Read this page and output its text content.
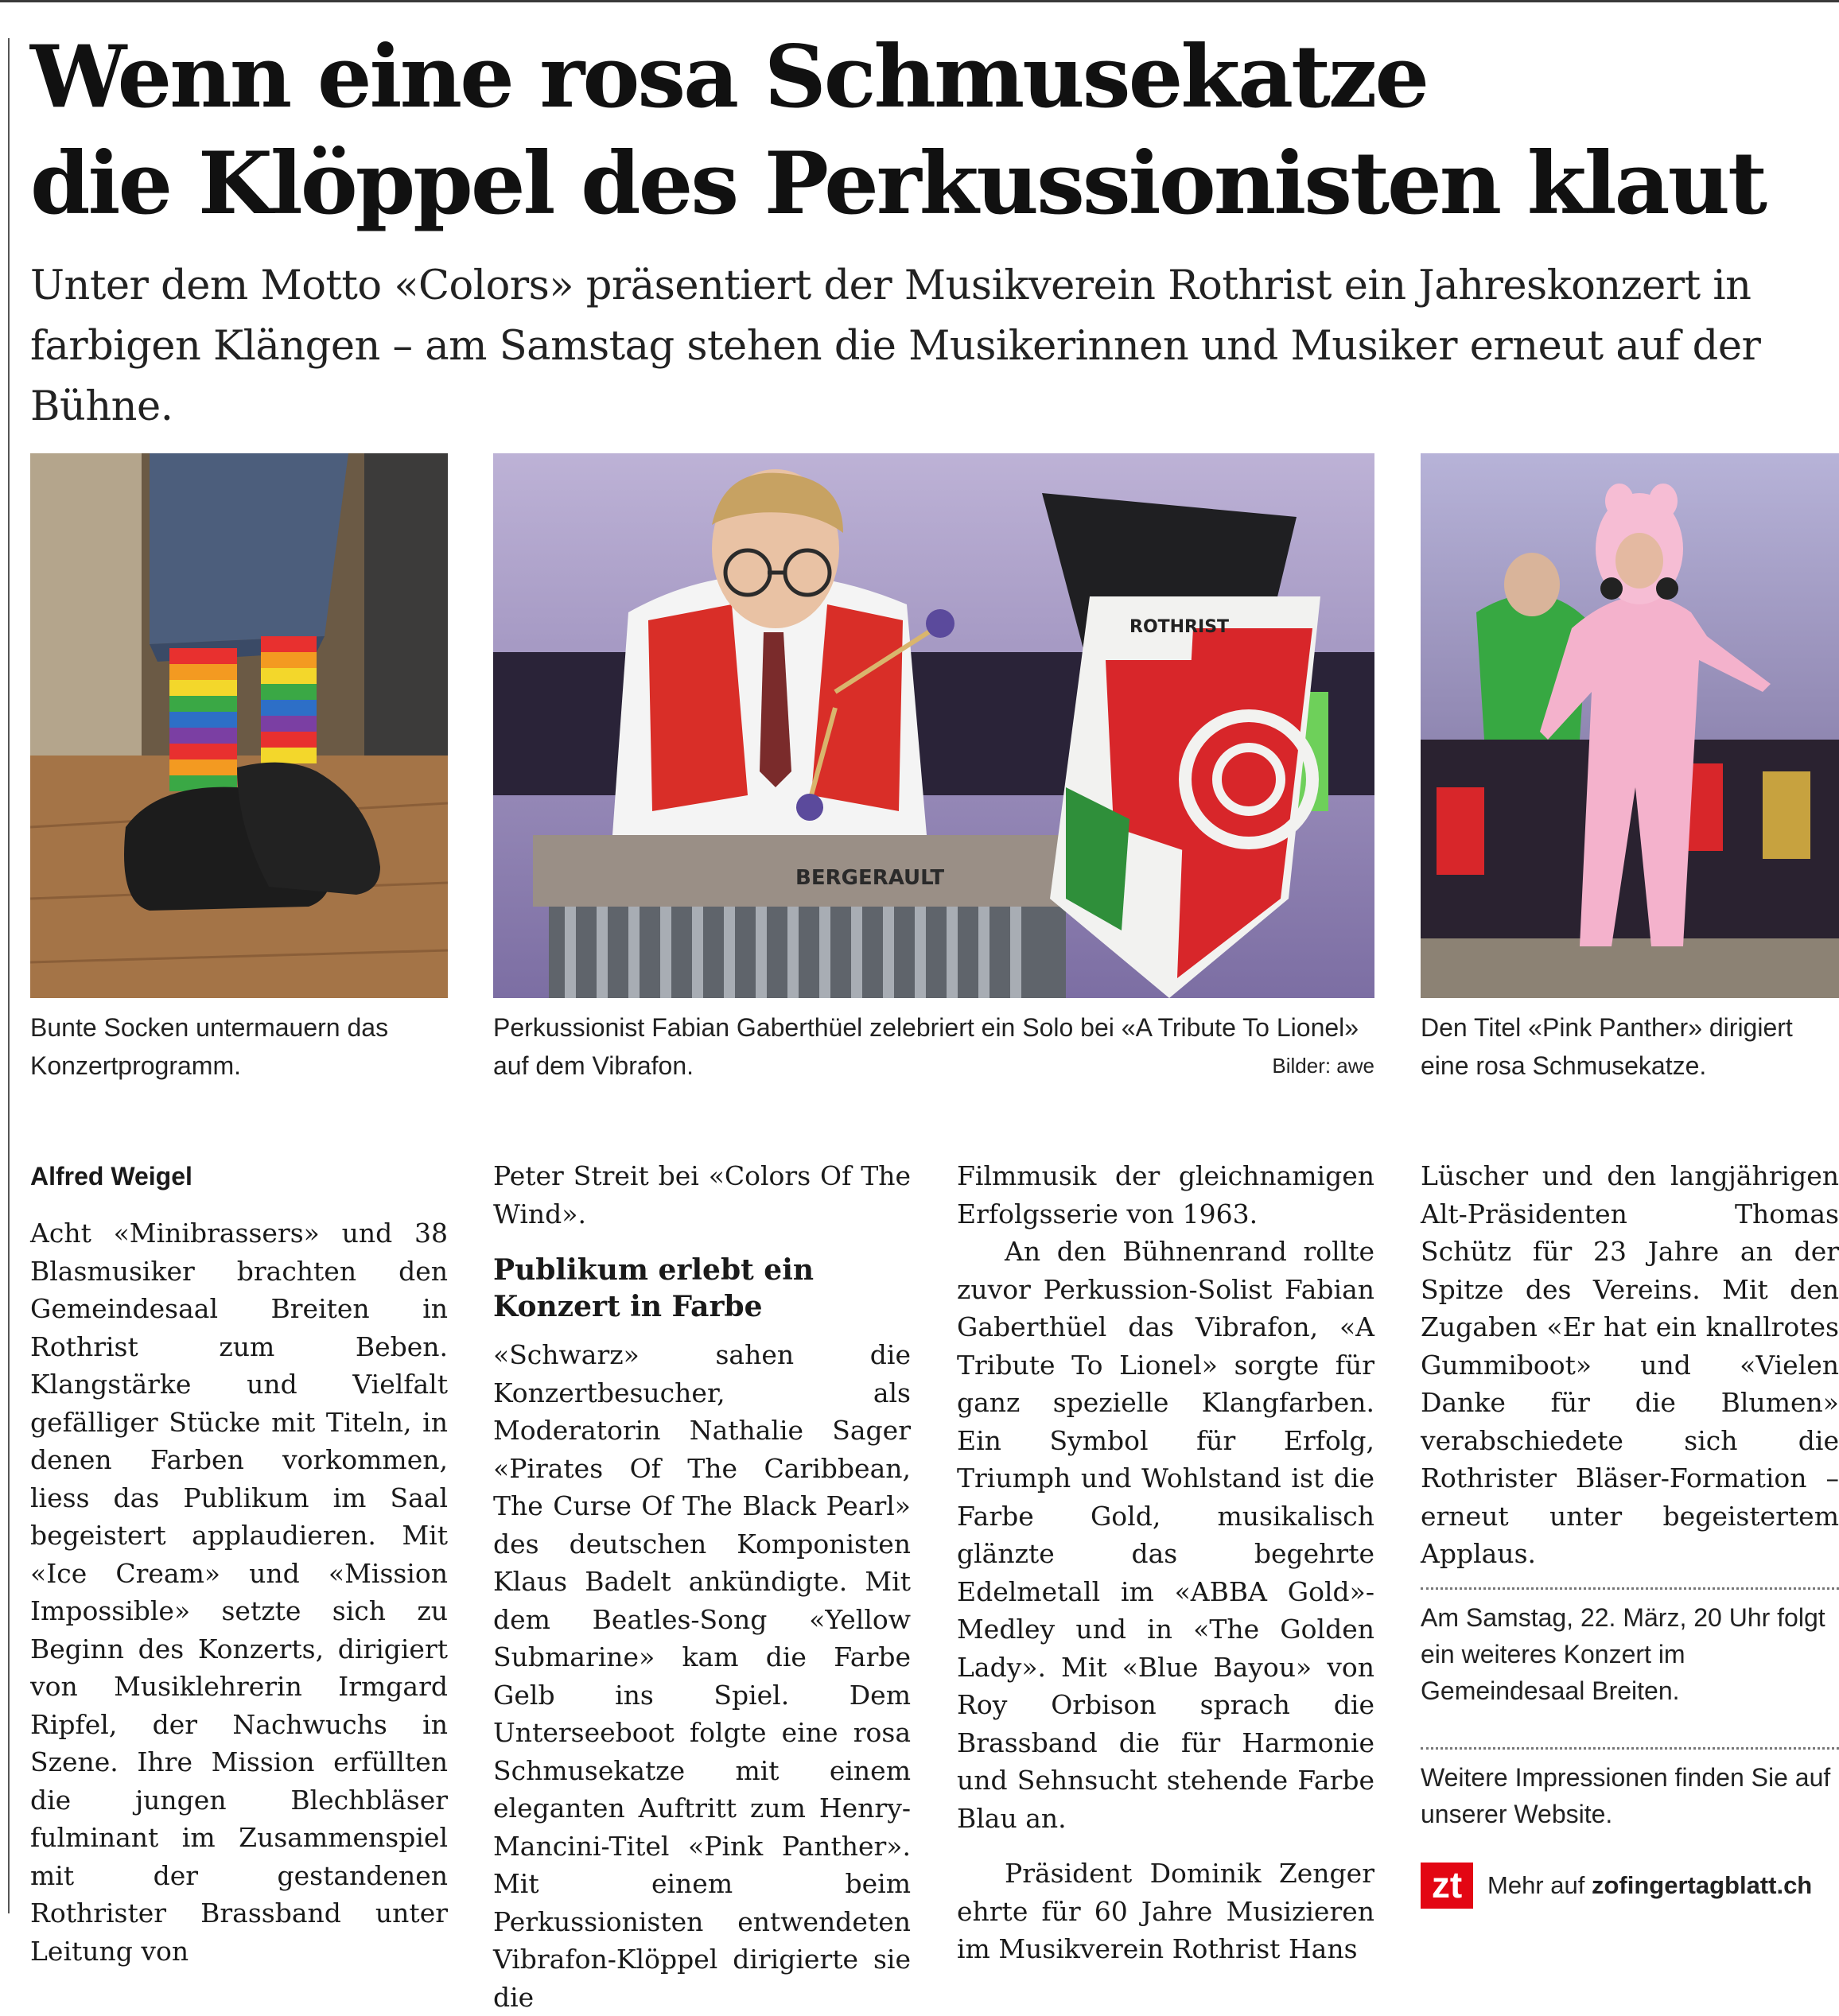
Wenn eine rosa Schmusekatze
die Klöppel des Perkussionisten klaut

Unter dem Motto «Colors» präsentiert der Musikverein Rothrist ein Jahreskonzert in
farbigen Klängen – am Samstag stehen die Musikerinnen und Musiker erneut auf der Bühne.

BERGERAULT
ROTHRIST

Bunte Socken untermauern das Konzertprogramm.

Perkussionist Fabian Gaberthüel zelebriert ein Solo bei «A Tribute To Lionel» auf dem Vibrafon.	Bilder: awe

Den Titel «Pink Panther» dirigiert eine rosa Schmusekatze.

Alfred Weigel

Acht «Minibrassers» und 38 Blasmusiker brachten den Gemeindesaal Breiten in Rothrist zum Beben. Klangstärke und Vielfalt gefälliger Stücke mit Titeln, in denen Farben vorkommen, liess das Publikum im Saal begeistert applaudieren. Mit «Ice Cream» und «Mission Impossible» setzte sich zu Beginn des Konzerts, dirigiert von Musiklehrerin Irmgard Ripfel, der Nachwuchs in Szene. Ihre Mission erfüllten die jungen Blechbläser fulminant im Zusammenspiel mit der gestandenen Rothrister Brassband unter Leitung von

Peter Streit bei «Colors Of The Wind».

Publikum erlebt ein Konzert in Farbe

«Schwarz» sahen die Konzertbesucher, als Moderatorin Nathalie Sager «Pirates Of The Caribbean, The Curse Of The Black Pearl» des deutschen Komponisten Klaus Badelt ankündigte. Mit dem Beatles-Song «Yellow Submarine» kam die Farbe Gelb ins Spiel. Dem Unterseeboot folgte eine rosa Schmusekatze mit einem eleganten Auftritt zum Henry-Mancini-Titel «Pink Panther». Mit einem beim Perkussionisten entwendeten Vibrafon-Klöppel dirigierte sie die

Filmmusik der gleichnamigen Erfolgsserie von 1963.

An den Bühnenrand rollte zuvor Perkussion-Solist Fabian Gaberthüel das Vibrafon, «A Tribute To Lionel» sorgte für ganz spezielle Klangfarben. Ein Symbol für Erfolg, Triumph und Wohlstand ist die Farbe Gold, musikalisch glänzte das begehrte Edelmetall im «ABBA Gold»-Medley und in «The Golden Lady». Mit «Blue Bayou» von Roy Orbison sprach die Brassband die für Harmonie und Sehnsucht stehende Farbe Blau an.

Präsident Dominik Zenger ehrte für 60 Jahre Musizieren im Musikverein Rothrist Hans

Lüscher und den langjährigen Alt-Präsidenten Thomas Schütz für 23 Jahre an der Spitze des Vereins. Mit den Zugaben «Er hat ein knallrotes Gummiboot» und «Vielen Danke für die Blumen» verabschiedete sich die Rothrister Bläser-Formation – erneut unter begeistertem Applaus.

Am Samstag, 22. März, 20 Uhr folgt ein weiteres Konzert im Gemeindesaal Breiten.
Weitere Impressionen finden Sie auf unserer Website.
zt	Mehr auf zofingertagblatt.ch
